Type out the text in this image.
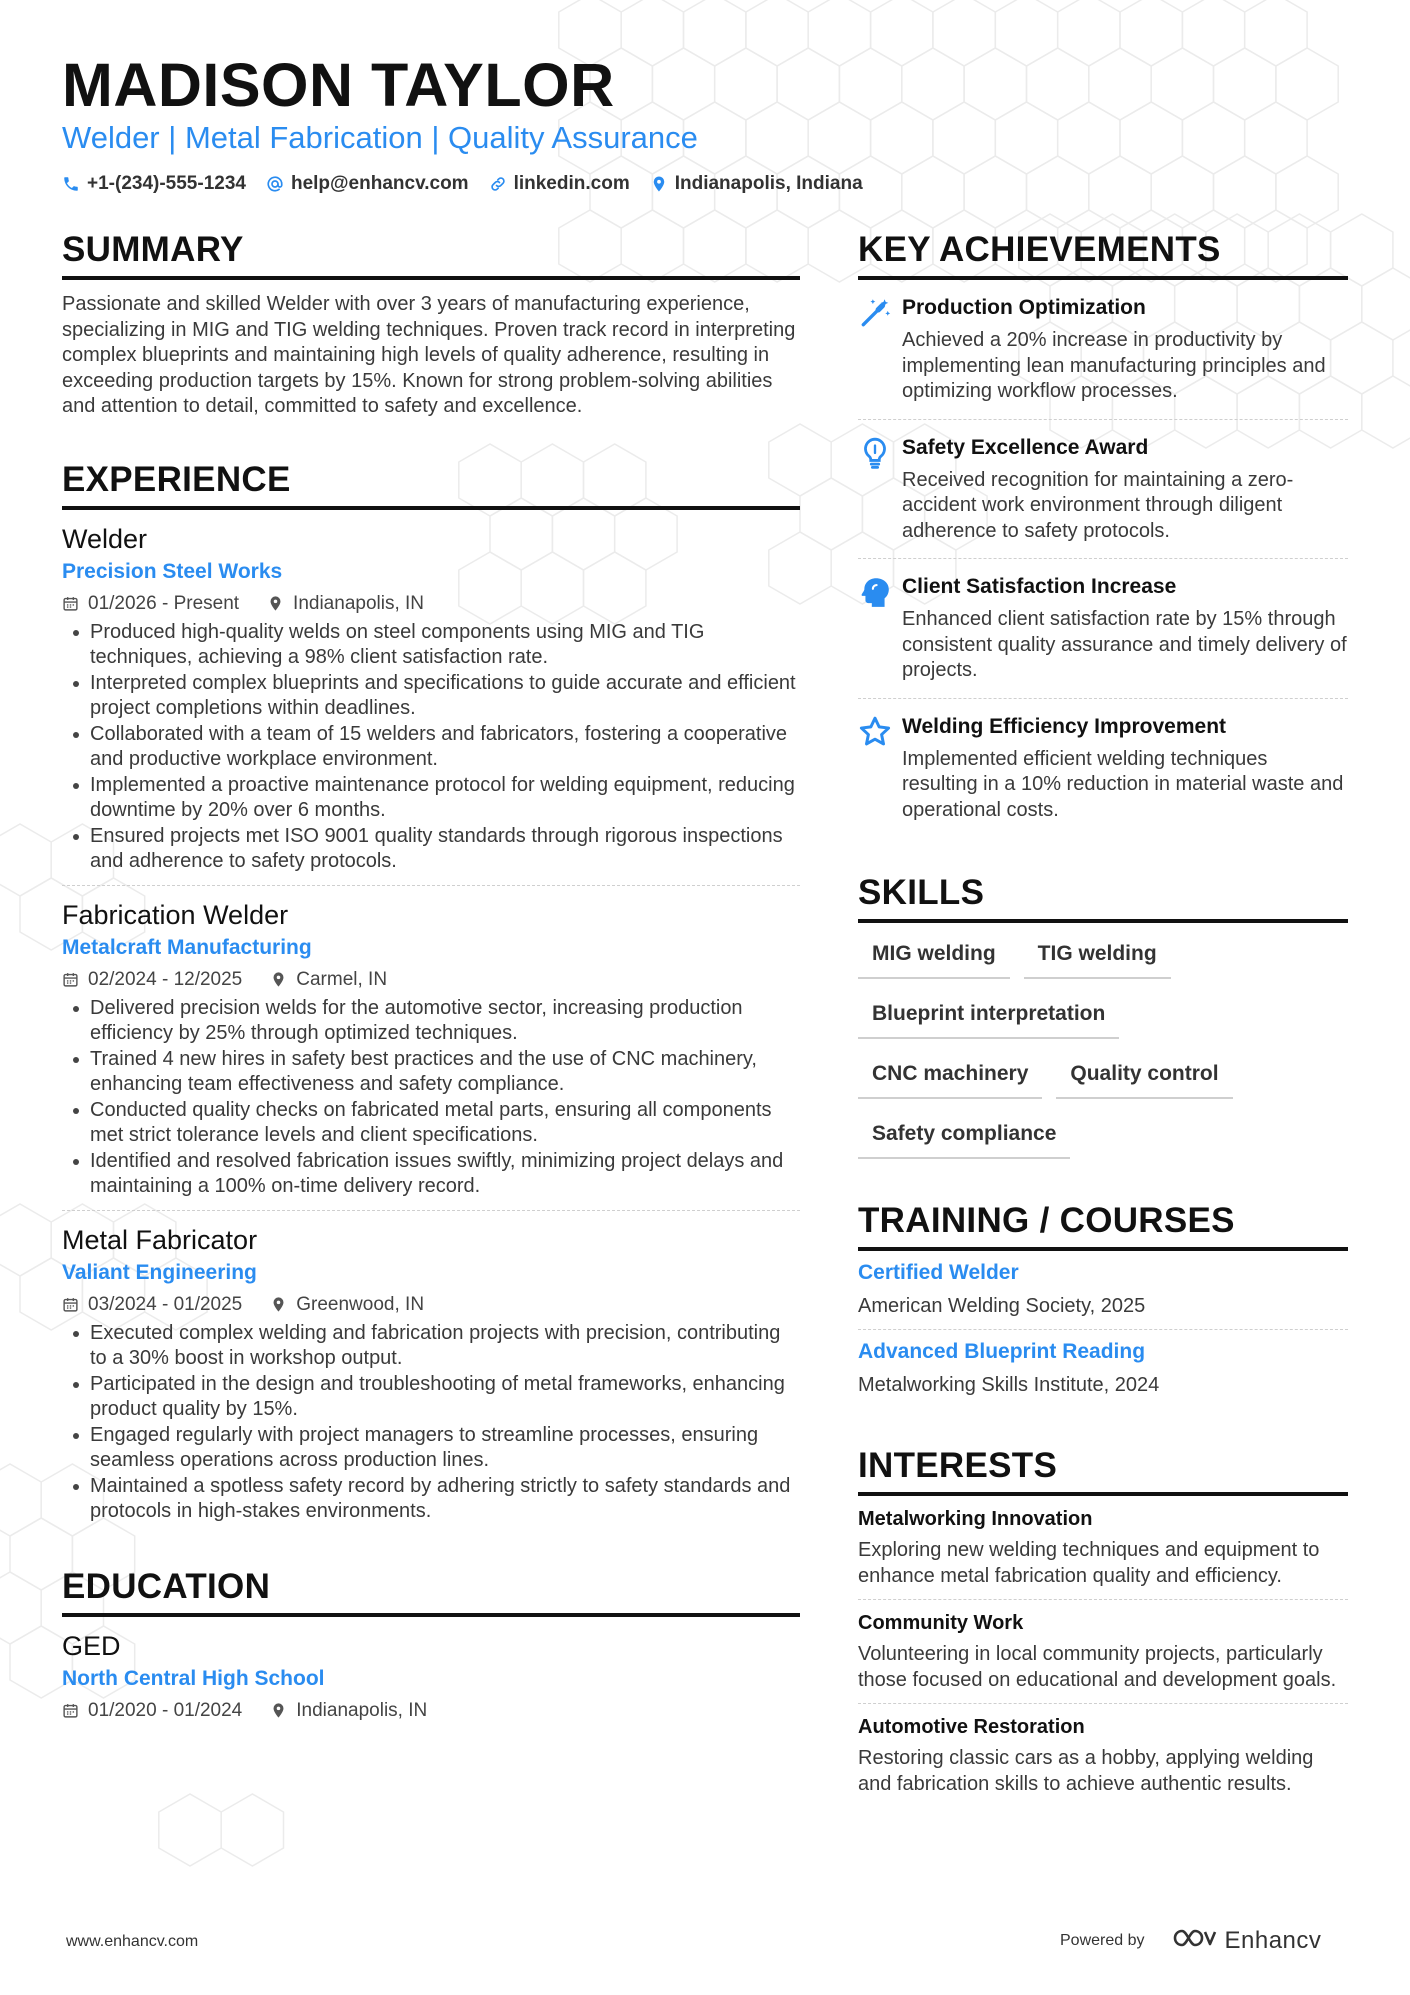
MADISON TAYLOR
Welder | Metal Fabrication | Quality Assurance
+1-(234)-555-1234 help@enhancv.com linkedin.com Indianapolis, Indiana
SUMMARY

Passionate and skilled Welder with over 3 years of manufacturing experience, specializing in MIG and TIG welding techniques. Proven track record in interpreting complex blueprints and maintaining high levels of quality adherence, resulting in exceeding production targets by 15%. Known for strong problem-solving abilities and attention to detail, committed to safety and excellence.

EXPERIENCE
Welder
Precision Steel Works
01/2026 - Present	Indianapolis, IN
Produced high-quality welds on steel components using MIG and TIG techniques, achieving a 98% client satisfaction rate.
Interpreted complex blueprints and specifications to guide accurate and efficient project completions within deadlines.
Collaborated with a team of 15 welders and fabricators, fostering a cooperative and productive workplace environment.
Implemented a proactive maintenance protocol for welding equipment, reducing downtime by 20% over 6 months.
Ensured projects met ISO 9001 quality standards through rigorous inspections and adherence to safety protocols.
Fabrication Welder
Metalcraft Manufacturing
02/2024 - 12/2025	Carmel, IN
Delivered precision welds for the automotive sector, increasing production efficiency by 25% through optimized techniques.
Trained 4 new hires in safety best practices and the use of CNC machinery, enhancing team effectiveness and safety compliance.
Conducted quality checks on fabricated metal parts, ensuring all components met strict tolerance levels and client specifications.
Identified and resolved fabrication issues swiftly, minimizing project delays and maintaining a 100% on-time delivery record.
Metal Fabricator
Valiant Engineering
03/2024 - 01/2025	Greenwood, IN
Executed complex welding and fabrication projects with precision, contributing to a 30% boost in workshop output.
Participated in the design and troubleshooting of metal frameworks, enhancing product quality by 15%.
Engaged regularly with project managers to streamline processes, ensuring seamless operations across production lines.
Maintained a spotless safety record by adhering strictly to safety standards and protocols in high-stakes environments.
EDUCATION
GED
North Central High School
01/2020 - 01/2024	Indianapolis, IN
KEY ACHIEVEMENTS
Production Optimization
Achieved a 20% increase in productivity by implementing lean manufacturing principles and optimizing workflow processes.
Safety Excellence Award
Received recognition for maintaining a zero-accident work environment through diligent adherence to safety protocols.
Client Satisfaction Increase
Enhanced client satisfaction rate by 15% through consistent quality assurance and timely delivery of projects.
Welding Efficiency Improvement
Implemented efficient welding techniques resulting in a 10% reduction in material waste and operational costs.
SKILLS
MIG welding	TIG welding
Blueprint interpretation
CNC machinery	Quality control
Safety compliance
TRAINING / COURSES
Certified Welder
American Welding Society, 2025
Advanced Blueprint Reading
Metalworking Skills Institute, 2024
INTERESTS
Metalworking Innovation
Exploring new welding techniques and equipment to enhance metal fabrication quality and efficiency.
Community Work
Volunteering in local community projects, particularly those focused on educational and development goals.
Automotive Restoration
Restoring classic cars as a hobby, applying welding and fabrication skills to achieve authentic results.
www.enhancv.com	Powered by	Enhancv
